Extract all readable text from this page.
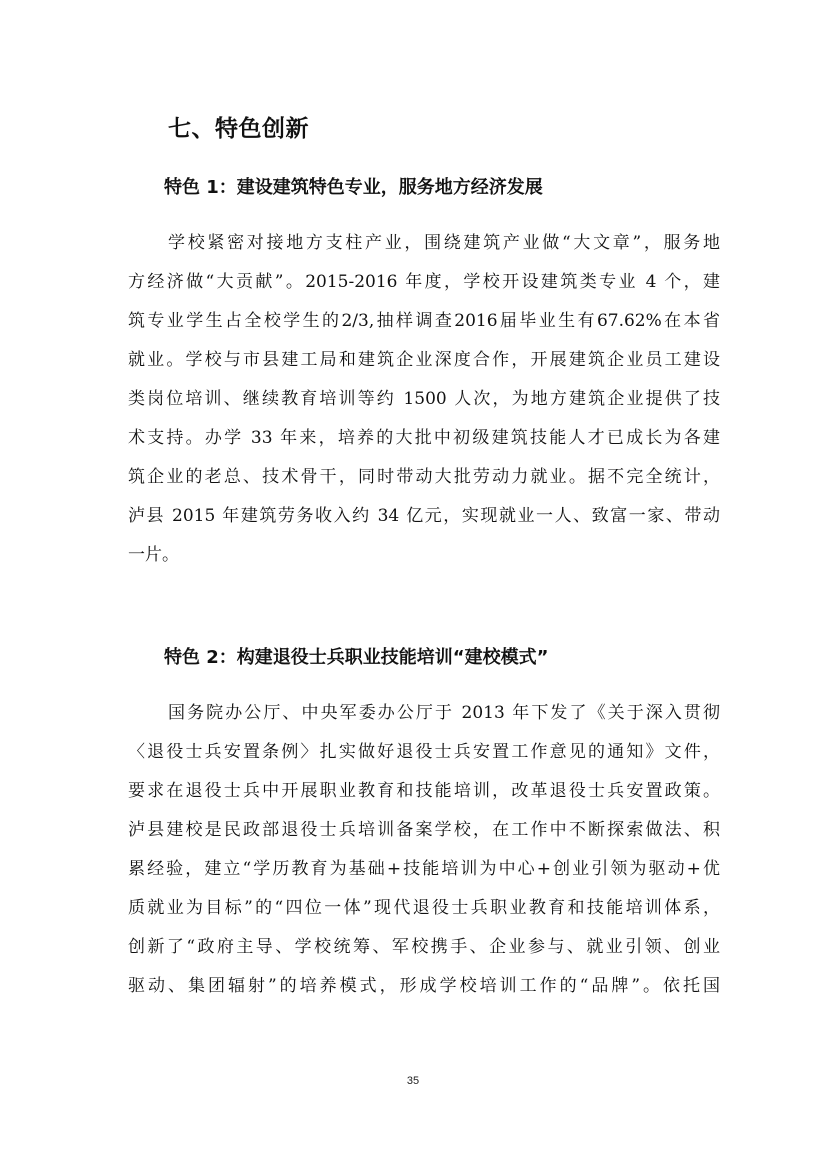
七、特色创新
特色 1：建设建筑特色专业，服务地方经济发展
学校紧密对接地方支柱产业，围绕建筑产业做“大文章”，服务地
方经济做“大贡献”。2015-2016 年度，学校开设建筑类专业 4 个，建
筑专业学生占全校学生的2/3,抽样调查2016届毕业生有67.62%在本省
就业。学校与市县建工局和建筑企业深度合作，开展建筑企业员工建设
类岗位培训、继续教育培训等约 1500 人次，为地方建筑企业提供了技
术支持。办学 33 年来，培养的大批中初级建筑技能人才已成长为各建
筑企业的老总、技术骨干，同时带动大批劳动力就业。据不完全统计，
泸县 2015 年建筑劳务收入约 34 亿元，实现就业一人、致富一家、带动
一片。
特色 2：构建退役士兵职业技能培训“建校模式”
国务院办公厅、中央军委办公厅于 2013 年下发了《关于深入贯彻
〈退役士兵安置条例〉扎实做好退役士兵安置工作意见的通知》文件，
要求在退役士兵中开展职业教育和技能培训，改革退役士兵安置政策。
泸县建校是民政部退役士兵培训备案学校，在工作中不断探索做法、积
累经验，建立“学历教育为基础+技能培训为中心+创业引领为驱动+优
质就业为目标”的“四位一体”现代退役士兵职业教育和技能培训体系，
创新了“政府主导、学校统筹、军校携手、企业参与、就业引领、创业
驱动、集团辐射”的培养模式，形成学校培训工作的“品牌”。依托国
35
